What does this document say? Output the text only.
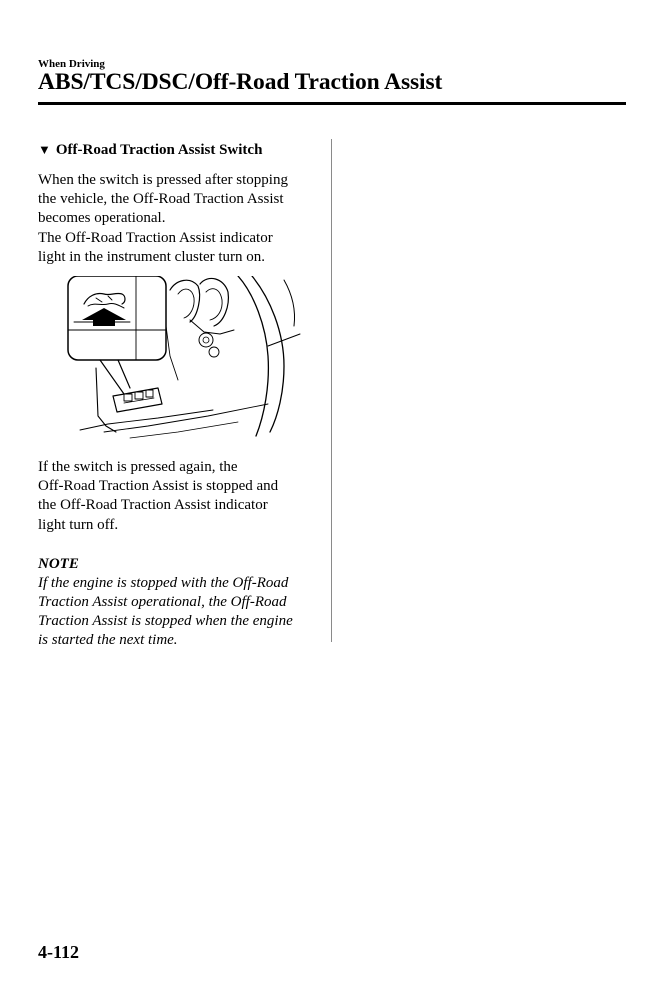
When Driving
ABS/TCS/DSC/Off-Road Traction Assist
▼ Off-Road Traction Assist Switch

When the switch is pressed after stopping
the vehicle, the Off-Road Traction Assist
becomes operational.
The Off-Road Traction Assist indicator
light in the instrument cluster turn on.

If the switch is pressed again, the
Off-Road Traction Assist is stopped and
the Off-Road Traction Assist indicator
light turn off.

NOTE

If the engine is stopped with the Off-Road
Traction Assist operational, the Off-Road
Traction Assist is stopped when the engine
is started the next time.

4-112
